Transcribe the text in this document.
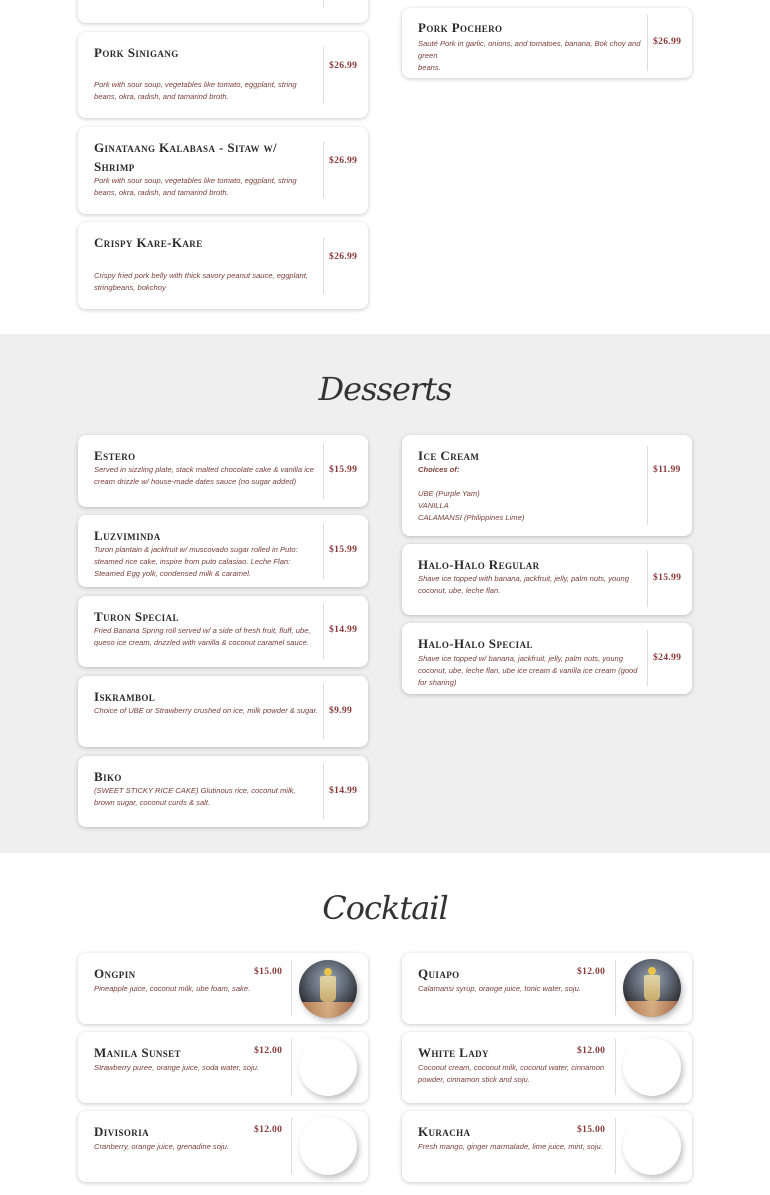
Pork Sinigang
Pork with sour soup, vegetables like tomato, eggplant, string
beans, okra, radish, and tamarind broth.
$26.99
Ginataang Kalabasa - Sitaw w/ Shrimp
Pork with sour soup, vegetables like tomato, eggplant, string
beans, okra, radish, and tamarind broth.
$26.99
Crispy Kare-Kare
Crispy fried pork belly with thick savory peanut sauce, eggplant,
stringbeans, bokchoy
$26.99
Pork Pochero
Sauté Pork in garlic, onions, and tomatoes, banana, Bok choy and
green
beans.
$26.99
Desserts
Estero
Served in sizzling plate, stack malted chocolate cake & vanilla ice
cream drizzle w/ house-made dates sauce (no sugar added)
$15.99
Luzviminda
Turon plantain & jackfruit w/ muscovado sugar rolled in Puto:
steamed rice cake, inspire from puto calasiao. Leche Flan:
Steamed Egg yolk, condensed milk & caramel.
$15.99
Turon Special
Fried Banana Spring roll served w/ a side of fresh fruit, fluff, ube,
queso ice cream, drizzled with vanilla & coconut caramel sauce.
$14.99
Iskrambol
Choice of UBE or Strawberry crushed on ice, milk powder & sugar. $9.99
Biko
(SWEET STICKY RICE CAKE) Glutinous rice, coconut milk,
brown sugar, coconut curds & salt.
$14.99
Ice Cream
Choices of:

UBE (Purple Yam)
VANILLA
CALAMANSI (Philippines Lime)
$11.99
Halo-Halo Regular
Shave ice topped with banana, jackfruit, jelly, palm nuts, young
coconut, ube, leche flan.
$15.99
Halo-Halo Special
Shave ice topped w/ banana, jackfruit, jelly, palm nuts, young
coconut, ube, leche flan, ube ice cream & vanilla ice cream (good
for sharing)
$24.99
Cocktail
Ongpin
Pineapple juice, coconut milk, ube foam, sake.
$15.00
Manila Sunset
Strawberry puree, orange juice, soda water, soju.
$12.00
Divisoria
Cranberry, orange juice, grenadine soju.
$12.00
Quiapo
Calamansi syrup, orange juice, tonic water, soju.
$12.00
White Lady
Coconut cream, coconut milk, coconut water, cinnamon
powder, cinnamon stick and soju.
$12.00
Kuracha
Fresh mango, ginger marmalade, lime juice, mint, soju.
$15.00
